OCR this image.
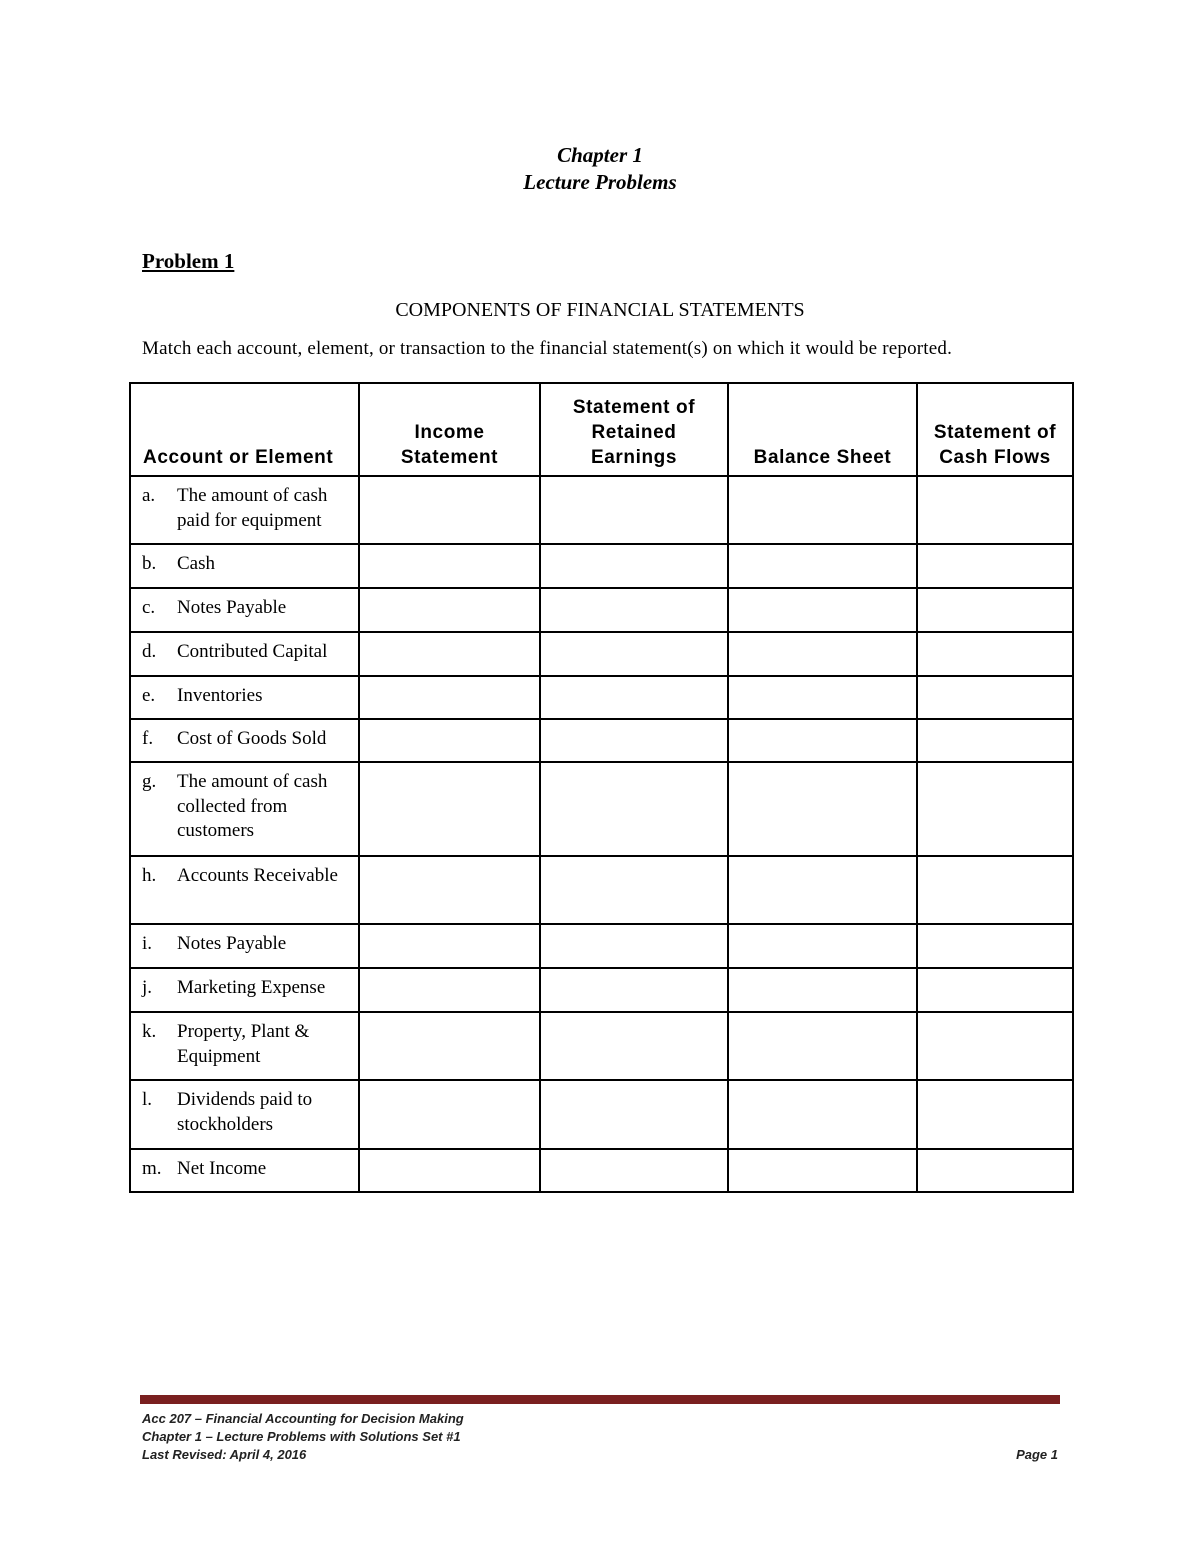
Chapter 1
Lecture Problems
Problem 1
COMPONENTS OF FINANCIAL STATEMENTS
Match each account, element, or transaction to the financial statement(s) on which it would be reported.
Account or Element	Income Statement	Statement of Retained Earnings	Balance Sheet	Statement of Cash Flows

a. The amount of cash paid for equipment				

b. Cash				

c. Notes Payable				

d. Contributed Capital				

e. Inventories				

f. Cost of Goods Sold				

g. The amount of cash collected from customers				

h. Accounts Receivable				

i. Notes Payable				

j. Marketing Expense				

k. Property, Plant & Equipment				

l. Dividends paid to stockholders				

m. Net Income				

Acc 207 – Financial Accounting for Decision Making
Chapter 1 – Lecture Problems with Solutions Set #1
Last Revised: April 4, 2016	Page 1
